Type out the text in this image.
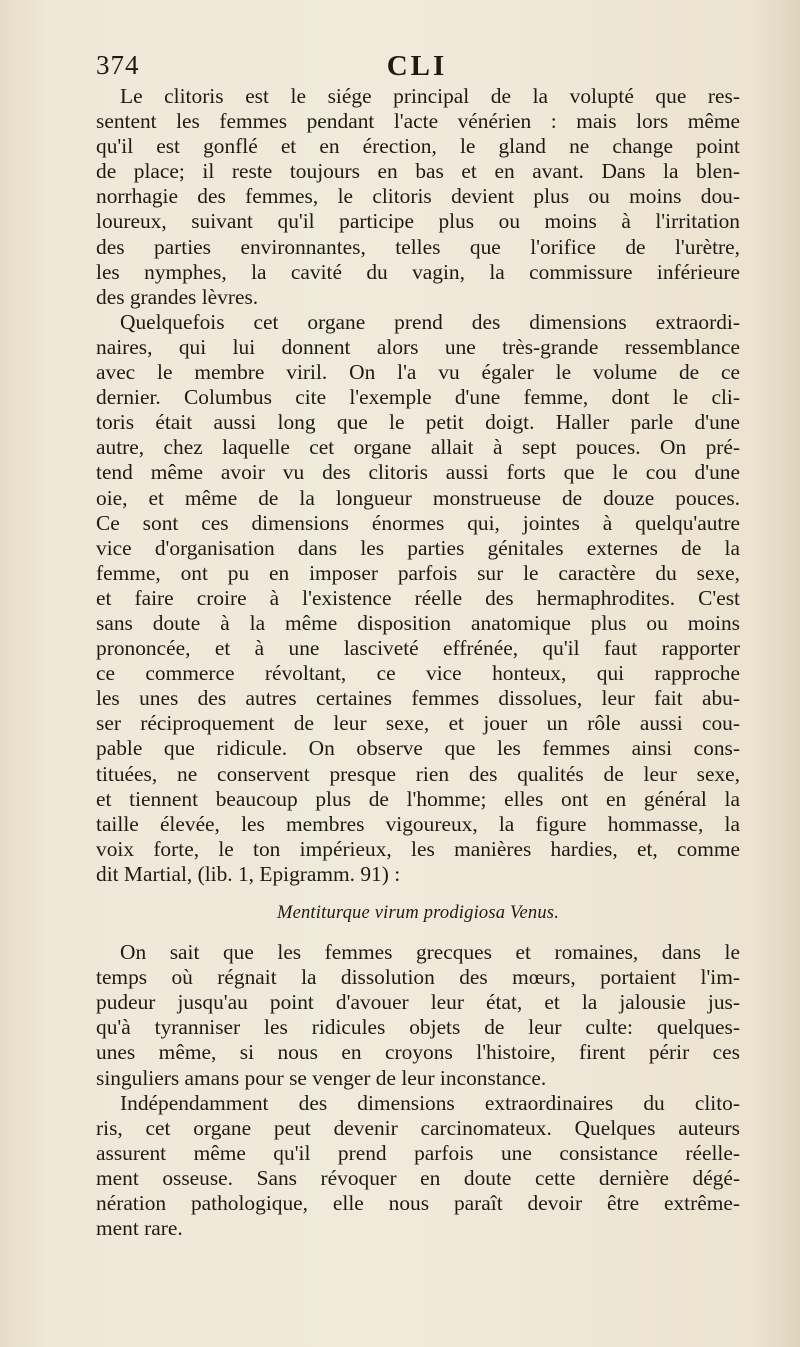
374	CLI
Le clitoris est le siége principal de la volupté que res-
sentent les femmes pendant l'acte vénérien : mais lors même
qu'il est gonflé et en érection, le gland ne change point
de place; il reste toujours en bas et en avant. Dans la blen-
norrhagie des femmes, le clitoris devient plus ou moins dou-
loureux, suivant qu'il participe plus ou moins à l'irritation
des parties environnantes, telles que l'orifice de l'urètre,
les nymphes, la cavité du vagin, la commissure inférieure
des grandes lèvres.
Quelquefois cet organe prend des dimensions extraordi-
naires, qui lui donnent alors une très-grande ressemblance
avec le membre viril. On l'a vu égaler le volume de ce
dernier. Columbus cite l'exemple d'une femme, dont le cli-
toris était aussi long que le petit doigt. Haller parle d'une
autre, chez laquelle cet organe allait à sept pouces. On pré-
tend même avoir vu des clitoris aussi forts que le cou d'une
oie, et même de la longueur monstrueuse de douze pouces.
Ce sont ces dimensions énormes qui, jointes à quelqu'autre
vice d'organisation dans les parties génitales externes de la
femme, ont pu en imposer parfois sur le caractère du sexe,
et faire croire à l'existence réelle des hermaphrodites. C'est
sans doute à la même disposition anatomique plus ou moins
prononcée, et à une lasciveté effrénée, qu'il faut rapporter
ce commerce révoltant, ce vice honteux, qui rapproche
les unes des autres certaines femmes dissolues, leur fait abu-
ser réciproquement de leur sexe, et jouer un rôle aussi cou-
pable que ridicule. On observe que les femmes ainsi cons-
tituées, ne conservent presque rien des qualités de leur sexe,
et tiennent beaucoup plus de l'homme; elles ont en général la
taille élevée, les membres vigoureux, la figure hommasse, la
voix forte, le ton impérieux, les manières hardies, et, comme
dit Martial, (lib. 1, Epigramm. 91) :
Mentiturque virum prodigiosa Venus.
On sait que les femmes grecques et romaines, dans le
temps où régnait la dissolution des mœurs, portaient l'im-
pudeur jusqu'au point d'avouer leur état, et la jalousie jus-
qu'à tyranniser les ridicules objets de leur culte: quelques-
unes même, si nous en croyons l'histoire, firent périr ces
singuliers amans pour se venger de leur inconstance.
Indépendamment des dimensions extraordinaires du clito-
ris, cet organe peut devenir carcinomateux. Quelques auteurs
assurent même qu'il prend parfois une consistance réelle-
ment osseuse. Sans révoquer en doute cette dernière dégé-
nération pathologique, elle nous paraît devoir être extrême-
ment rare.
